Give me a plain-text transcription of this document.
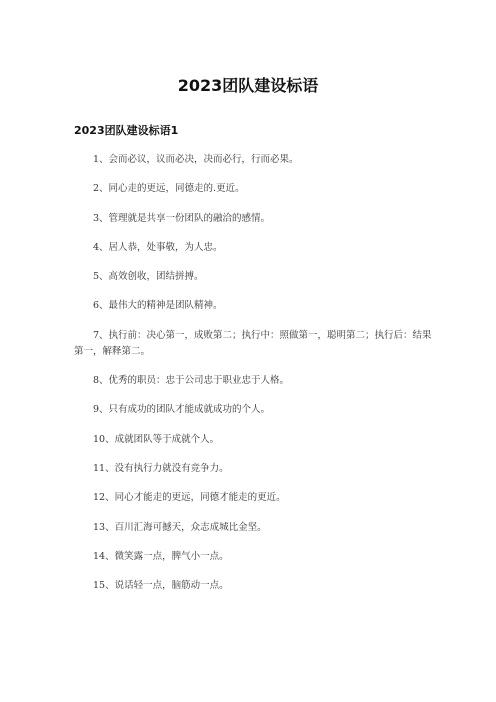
2023团队建设标语
2023团队建设标语1
1、会而必议，议而必决，决而必行，行而必果。
2、同心走的更远，同德走的.更近。
3、管理就是共享一份团队的融洽的感情。
4、居人恭，处事敬，为人忠。
5、高效创收，团结拼搏。
6、最伟大的精神是团队精神。
7、执行前：决心第一，成败第二；执行中：照做第一，聪明第二；执行后：结果第一，解释第二。
8、优秀的职员：忠于公司忠于职业忠于人格。
9、只有成功的团队才能成就成功的个人。
10、成就团队等于成就个人。
11、没有执行力就没有竞争力。
12、同心才能走的更远，同德才能走的更近。
13、百川汇海可撼天，众志成城比金坚。
14、微笑露一点，脾气小一点。
15、说话轻一点，脑筋动一点。
